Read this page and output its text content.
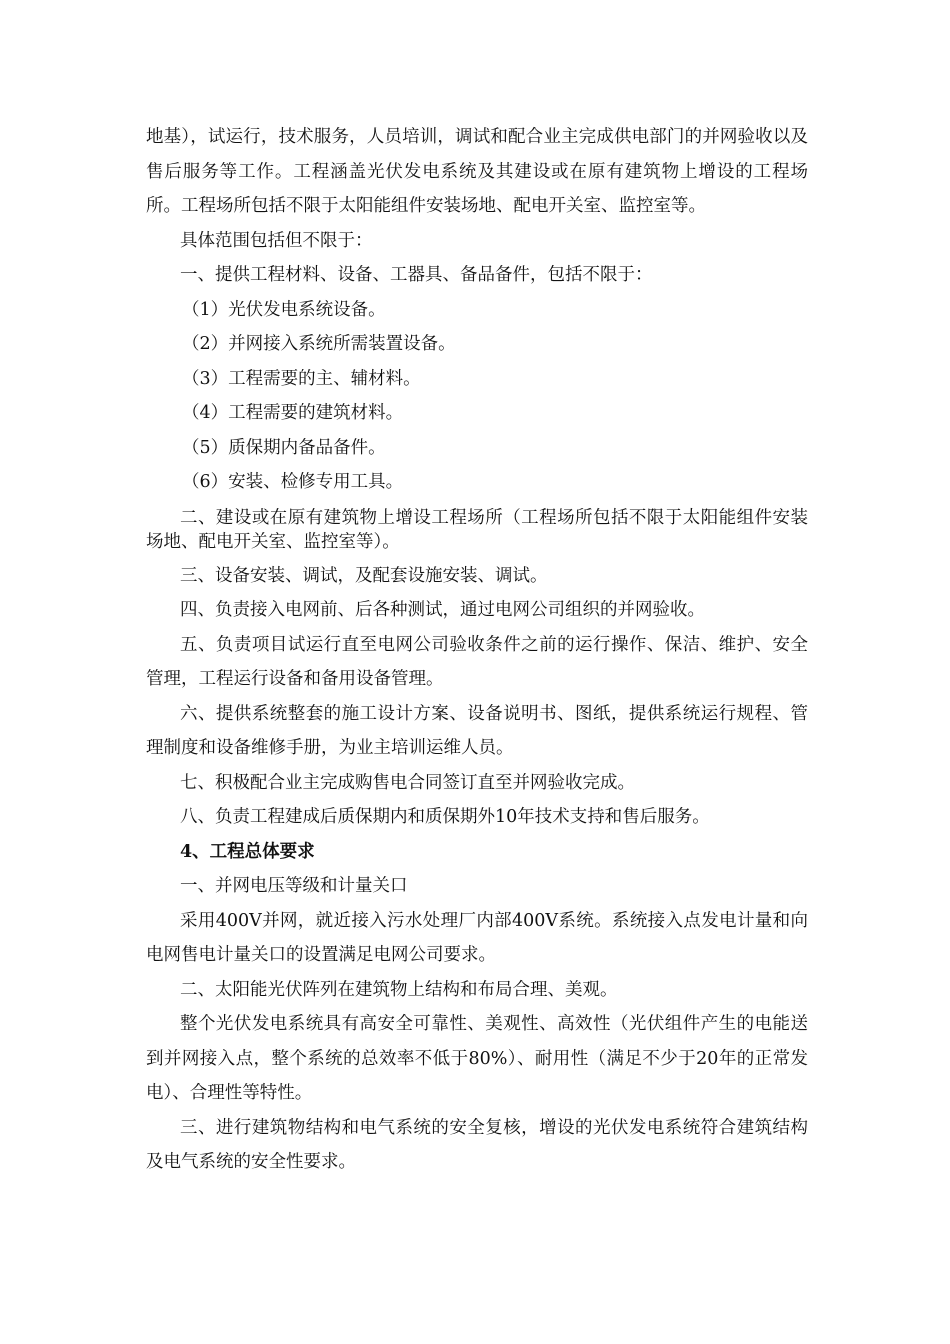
地基），试运行，技术服务，人员培训，调试和配合业主完成供电部门的并网验收以及售后服务等工作。工程涵盖光伏发电系统及其建设或在原有建筑物上增设的工程场所。工程场所包括不限于太阳能组件安装场地、配电开关室、监控室等。

具体范围包括但不限于：

一、提供工程材料、设备、工器具、备品备件，包括不限于：

（1）光伏发电系统设备。

（2）并网接入系统所需装置设备。

（3）工程需要的主、辅材料。

（4）工程需要的建筑材料。

（5）质保期内备品备件。

（6）安装、检修专用工具。

二、建设或在原有建筑物上增设工程场所（工程场所包括不限于太阳能组件安装场地、配电开关室、监控室等）。

三、设备安装、调试，及配套设施安装、调试。

四、负责接入电网前、后各种测试，通过电网公司组织的并网验收。

五、负责项目试运行直至电网公司验收条件之前的运行操作、保洁、维护、安全管理，工程运行设备和备用设备管理。

六、提供系统整套的施工设计方案、设备说明书、图纸，提供系统运行规程、管理制度和设备维修手册，为业主培训运维人员。

七、积极配合业主完成购售电合同签订直至并网验收完成。

八、负责工程建成后质保期内和质保期外10年技术支持和售后服务。

4、工程总体要求

一、并网电压等级和计量关口

采用400V并网，就近接入污水处理厂内部400V系统。系统接入点发电计量和向电网售电计量关口的设置满足电网公司要求。

二、太阳能光伏阵列在建筑物上结构和布局合理、美观。

整个光伏发电系统具有高安全可靠性、美观性、高效性（光伏组件产生的电能送到并网接入点，整个系统的总效率不低于80%）、耐用性（满足不少于20年的正常发电）、合理性等特性。

三、进行建筑物结构和电气系统的安全复核，增设的光伏发电系统符合建筑结构及电气系统的安全性要求。
